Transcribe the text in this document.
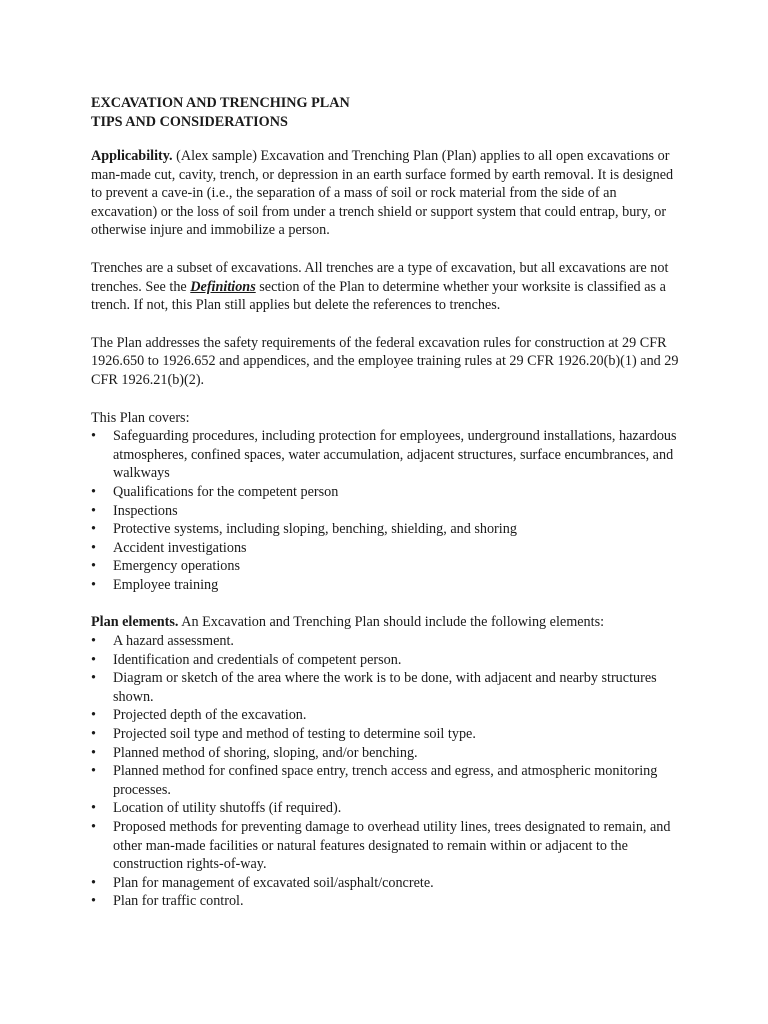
EXCAVATION AND TRENCHING PLAN
TIPS AND CONSIDERATIONS

Applicability. (Alex sample) Excavation and Trenching Plan (Plan) applies to all open excavations or man-made cut, cavity, trench, or depression in an earth surface formed by earth removal. It is designed to prevent a cave-in (i.e., the separation of a mass of soil or rock material from the side of an excavation) or the loss of soil from under a trench shield or support system that could entrap, bury, or otherwise injure and immobilize a person.

Trenches are a subset of excavations. All trenches are a type of excavation, but all excavations are not trenches. See the Definitions section of the Plan to determine whether your worksite is classified as a trench. If not, this Plan still applies but delete the references to trenches.

The Plan addresses the safety requirements of the federal excavation rules for construction at 29 CFR 1926.650 to 1926.652 and appendices, and the employee training rules at 29 CFR 1926.20(b)(1) and 29 CFR 1926.21(b)(2).

This Plan covers:

• Safeguarding procedures, including protection for employees, underground installations, hazardous atmospheres, confined spaces, water accumulation, adjacent structures, surface encumbrances, and walkways
• Qualifications for the competent person
• Inspections
• Protective systems, including sloping, benching, shielding, and shoring
• Accident investigations
• Emergency operations
• Employee training

Plan elements. An Excavation and Trenching Plan should include the following elements:

• A hazard assessment.
• Identification and credentials of competent person.
• Diagram or sketch of the area where the work is to be done, with adjacent and nearby structures shown.
• Projected depth of the excavation.
• Projected soil type and method of testing to determine soil type.
• Planned method of shoring, sloping, and/or benching.
• Planned method for confined space entry, trench access and egress, and atmospheric monitoring processes.
• Location of utility shutoffs (if required).
• Proposed methods for preventing damage to overhead utility lines, trees designated to remain, and other man-made facilities or natural features designated to remain within or adjacent to the construction rights-of-way.
• Plan for management of excavated soil/asphalt/concrete.
• Plan for traffic control.
